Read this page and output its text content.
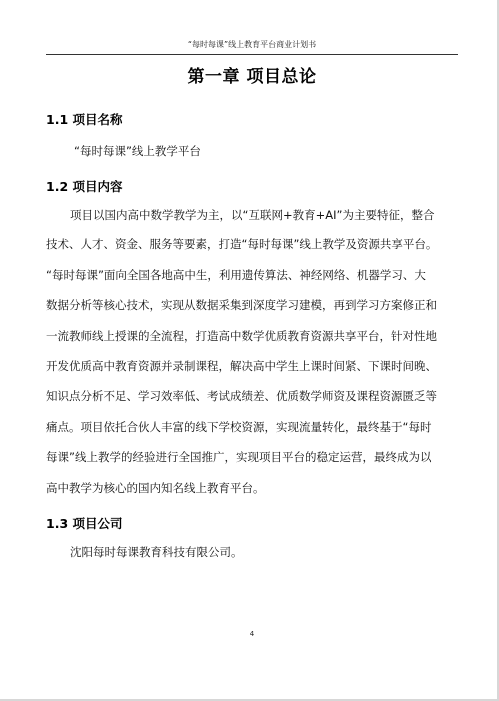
“每时每课”线上教育平台商业计划书
第一章 项目总论
1.1 项目名称
“每时每课”线上教学平台
1.2 项目内容
项目以国内高中数学教学为主，以“互联网+教育+AI”为主要特征，整合
技术、人才、资金、服务等要素，打造“每时每课”线上教学及资源共享平台。
“每时每课”面向全国各地高中生，利用遗传算法、神经网络、机器学习、大
数据分析等核心技术，实现从数据采集到深度学习建模，再到学习方案修正和
一流教师线上授课的全流程，打造高中数学优质教育资源共享平台，针对性地
开发优质高中教育资源并录制课程，解决高中学生上课时间紧、下课时间晚、
知识点分析不足、学习效率低、考试成绩差、优质数学师资及课程资源匮乏等
痛点。项目依托合伙人丰富的线下学校资源，实现流量转化，最终基于“每时
每课”线上教学的经验进行全国推广，实现项目平台的稳定运营，最终成为以
高中教学为核心的国内知名线上教育平台。
1.3 项目公司
沈阳每时每课教育科技有限公司。
4
